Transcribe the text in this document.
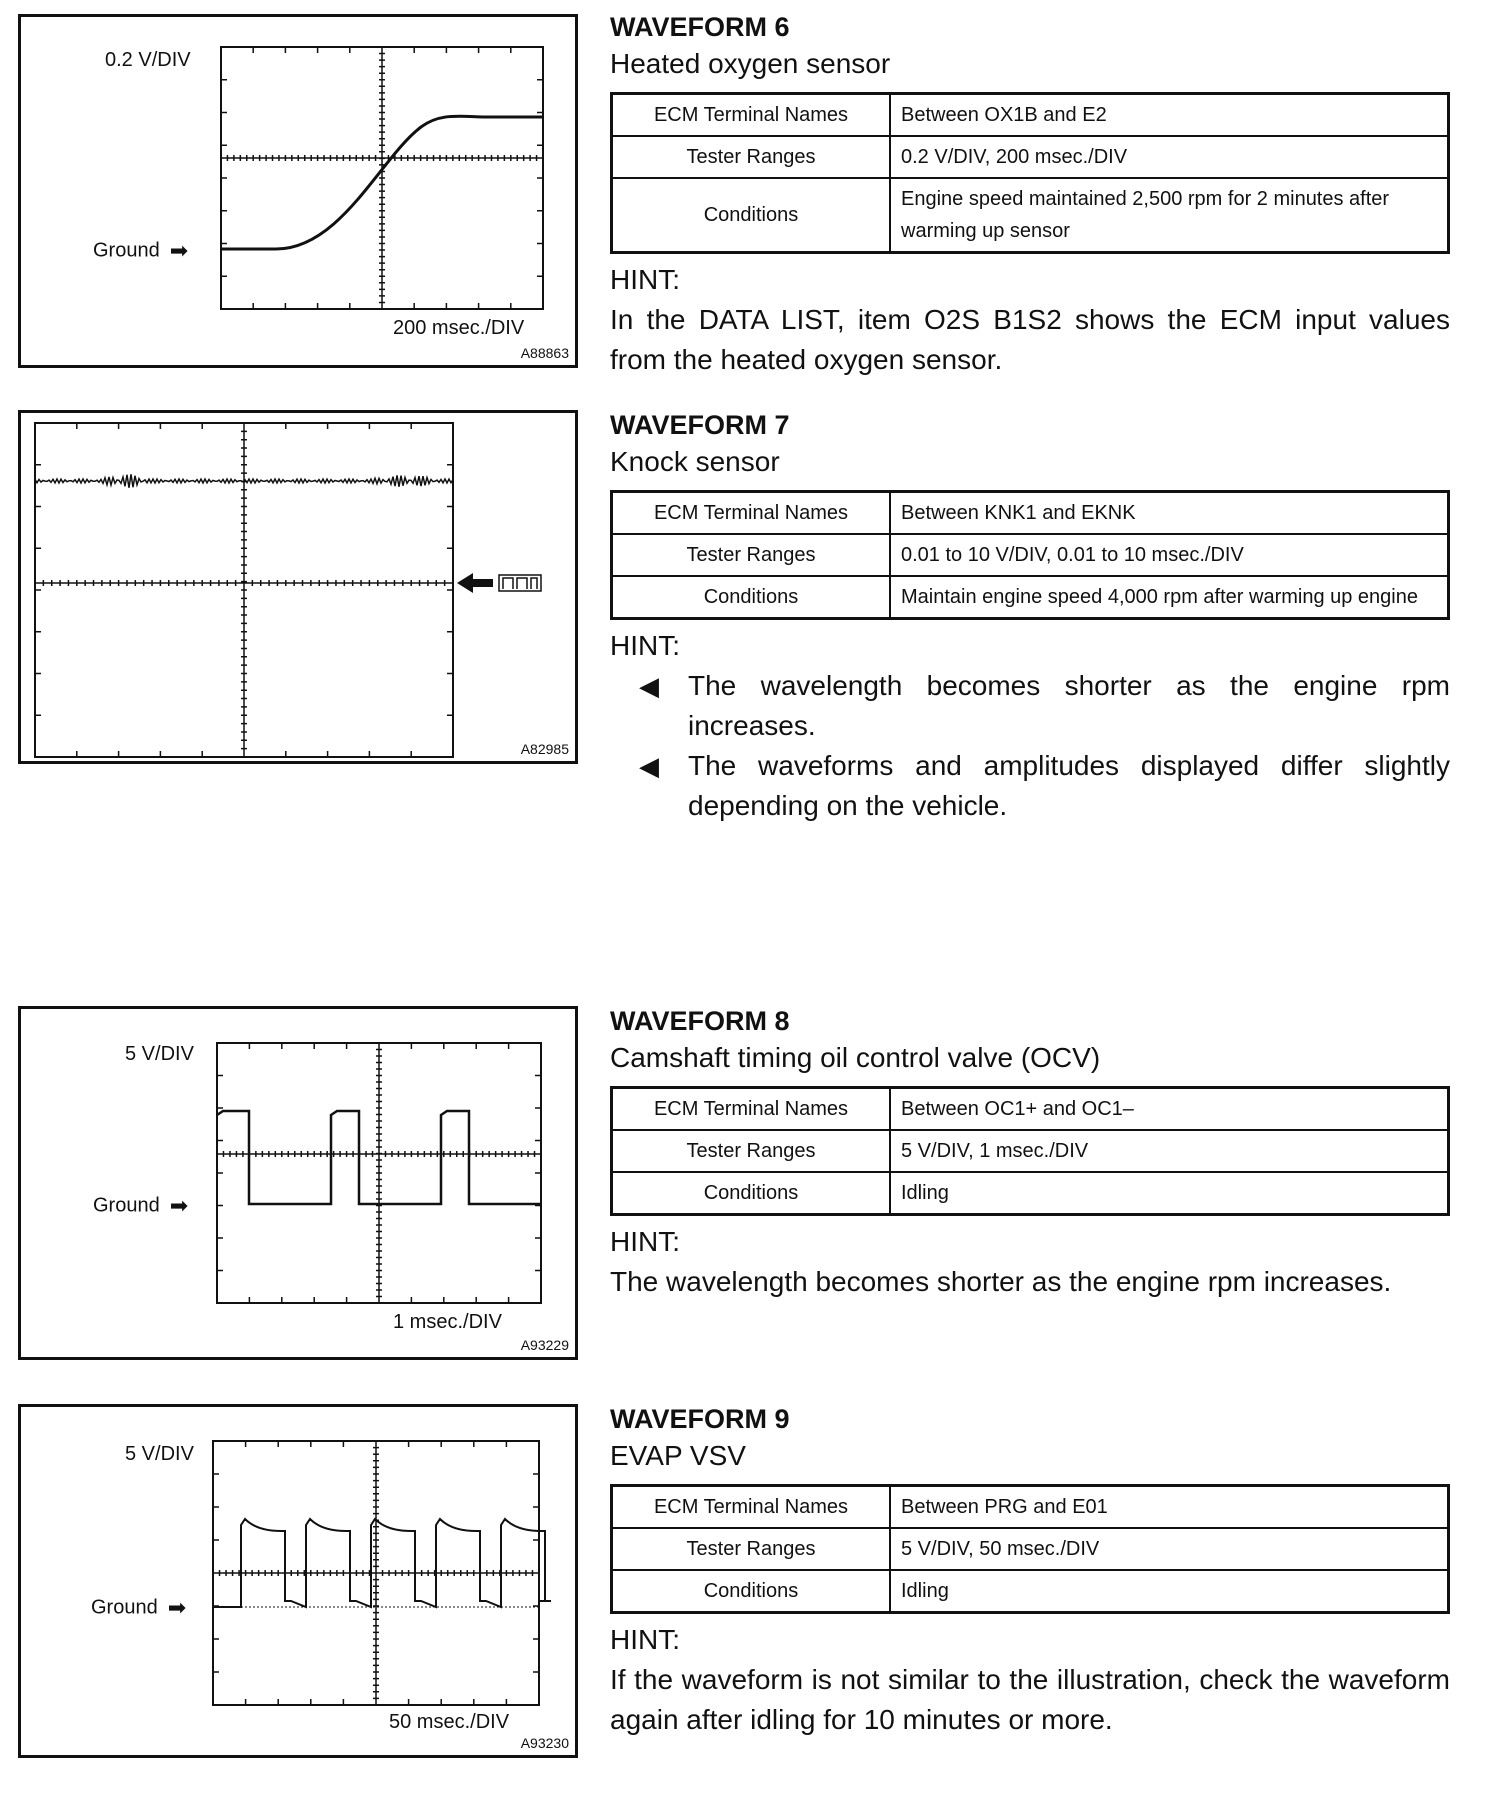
0.2 V/DIV
Ground ➡
200 msec./DIV
A88863
A82985
5 V/DIV
Ground ➡
1 msec./DIV
A93229
5 V/DIV
Ground ➡
50 msec./DIV
A93230
WAVEFORM 6
Heated oxygen sensor
ECM Terminal Names	Between OX1B and E2
Tester Ranges	0.2 V/DIV, 200 msec./DIV
Conditions	Engine speed maintained 2,500 rpm for 2 minutes after warming up sensor
HINT:
In the DATA LIST, item O2S B1S2 shows the ECM input values from the heated oxygen sensor.
WAVEFORM 7
Knock sensor
ECM Terminal Names	Between KNK1 and EKNK
Tester Ranges	0.01 to 10 V/DIV, 0.01 to 10 msec./DIV
Conditions	Maintain engine speed 4,000 rpm after warming up engine
HINT:
◀	The wavelength becomes shorter as the engine rpm increases.
◀	The waveforms and amplitudes displayed differ slightly depending on the vehicle.
WAVEFORM 8
Camshaft timing oil control valve (OCV)
ECM Terminal Names	Between OC1+ and OC1–
Tester Ranges	5 V/DIV, 1 msec./DIV
Conditions	Idling
HINT:
The wavelength becomes shorter as the engine rpm increases.
WAVEFORM 9
EVAP VSV
ECM Terminal Names	Between PRG and E01
Tester Ranges	5 V/DIV, 50 msec./DIV
Conditions	Idling
HINT:
If the waveform is not similar to the illustration, check the waveform again after idling for 10 minutes or more.
